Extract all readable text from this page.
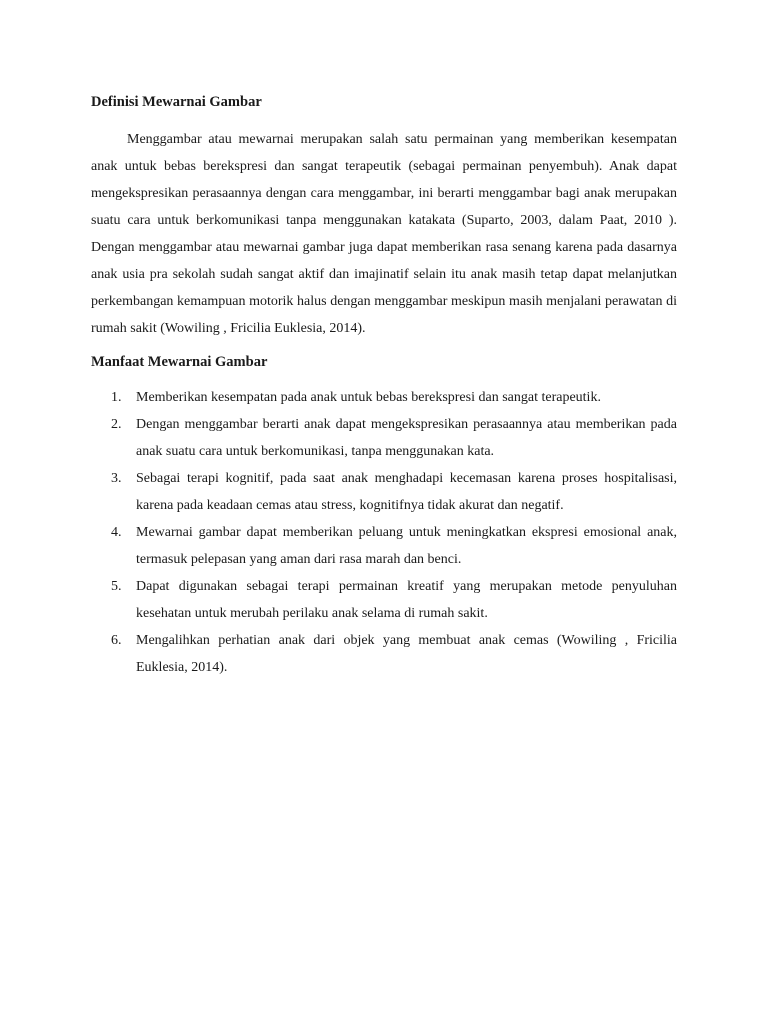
Definisi Mewarnai Gambar

Menggambar atau mewarnai merupakan salah satu permainan yang memberikan kesempatan anak untuk bebas berekspresi dan sangat terapeutik (sebagai permainan penyembuh). Anak dapat mengekspresikan perasaannya dengan cara menggambar, ini berarti menggambar bagi anak merupakan suatu cara untuk berkomunikasi tanpa menggunakan katakata (Suparto, 2003, dalam Paat, 2010 ). Dengan menggambar atau mewarnai gambar juga dapat memberikan rasa senang karena pada dasarnya anak usia pra sekolah sudah sangat aktif dan imajinatif selain itu anak masih tetap dapat melanjutkan perkembangan kemampuan motorik halus dengan menggambar meskipun masih menjalani perawatan di rumah sakit (Wowiling , Fricilia Euklesia, 2014).

Manfaat Mewarnai Gambar
1. Memberikan kesempatan pada anak untuk bebas berekspresi dan sangat terapeutik.
2. Dengan menggambar berarti anak dapat mengekspresikan perasaannya atau memberikan pada anak suatu cara untuk berkomunikasi, tanpa menggunakan kata.
3. Sebagai terapi kognitif, pada saat anak menghadapi kecemasan karena proses hospitalisasi, karena pada keadaan cemas atau stress, kognitifnya tidak akurat dan negatif.
4. Mewarnai gambar dapat memberikan peluang untuk meningkatkan ekspresi emosional anak, termasuk pelepasan yang aman dari rasa marah dan benci.
5. Dapat digunakan sebagai terapi permainan kreatif yang merupakan metode penyuluhan kesehatan untuk merubah perilaku anak selama di rumah sakit.
6. Mengalihkan perhatian anak dari objek yang membuat anak cemas (Wowiling , Fricilia Euklesia, 2014).
